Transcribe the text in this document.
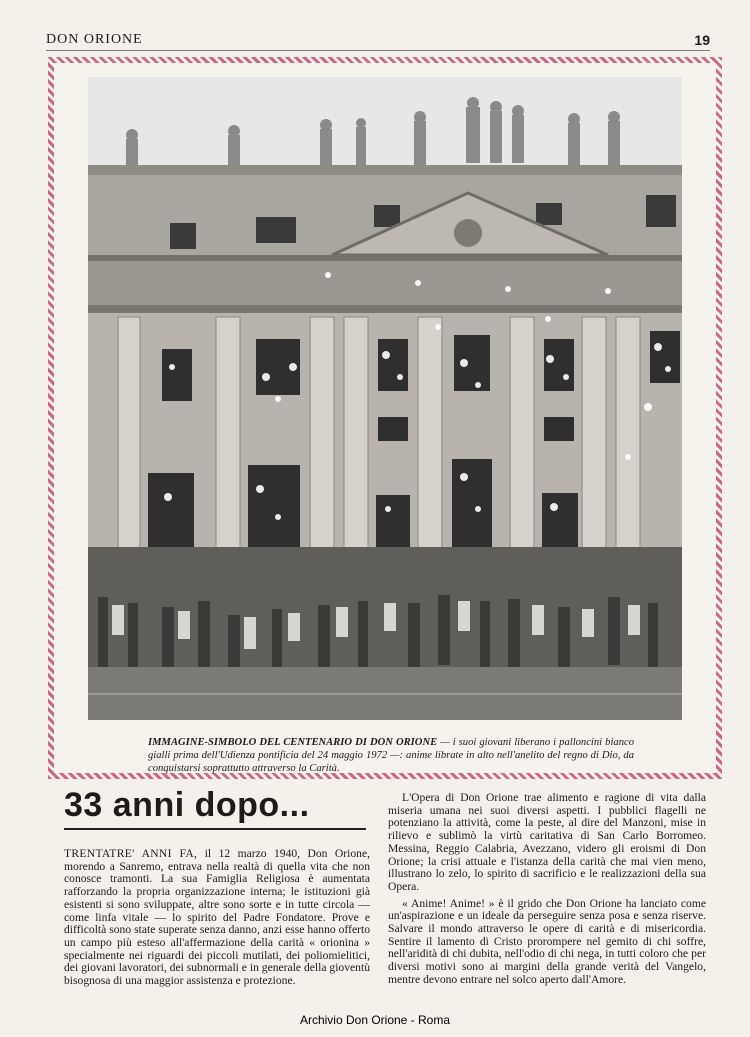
DON ORIONE	19
IMMAGINE-SIMBOLO DEL CENTENARIO DI DON ORIONE — i suoi giovani liberano i palloncini bianco gialli prima dell'Udienza pontificia del 24 maggio 1972 —: anime librate in alto nell'anelito del regno di Dio, da conquistarsi soprattutto attraverso la Carità.
33 anni dopo...

TRENTATRE' ANNI FA, il 12 marzo 1940, Don Orione, morendo a Sanremo, entrava nella realtà di quella vita che non conosce tramonti. La sua Famiglia Religiosa è aumentata rafforzando la propria organizzazione interna; le istituzioni già esistenti si sono sviluppate, altre sono sorte e in tutte circola — come linfa vitale — lo spirito del Padre Fondatore. Prove e difficoltà sono state superate senza danno, anzi esse hanno offerto un campo più esteso all'affermazione della carità « orionina » specialmente nei riguardi dei piccoli mutilati, dei poliomielitici, dei giovani lavoratori, dei subnormali e in generale della gioventù bisognosa di una maggior assistenza e protezione.

L'Opera di Don Orione trae alimento e ragione di vita dalla miseria umana nei suoi diversi aspetti. I pubblici flagelli ne potenziano la attività, come la peste, al dire del Manzoni, mise in rilievo e sublimò la virtù caritativa di San Carlo Borromeo. Messina, Reggio Calabria, Avezzano, videro gli eroismi di Don Orione; la crisi attuale e l'istanza della carità che mai vien meno, illustrano lo zelo, lo spirito di sacrificio e le realizzazioni della sua Opera.

« Anime! Anime! » è il grido che Don Orione ha lanciato come un'aspirazione e un ideale da perseguire senza posa e senza riserve. Salvare il mondo attraverso le opere di carità e di misericordia. Sentire il lamento di Cristo prorompere nel gemito di chi soffre, nell'aridità di chi dubita, nell'odio di chi nega, in tutti coloro che per diversi motivi sono ai margini della grande verità del Vangelo, mentre devono entrare nel solco aperto dall'Amore.

Archivio Don Orione - Roma
